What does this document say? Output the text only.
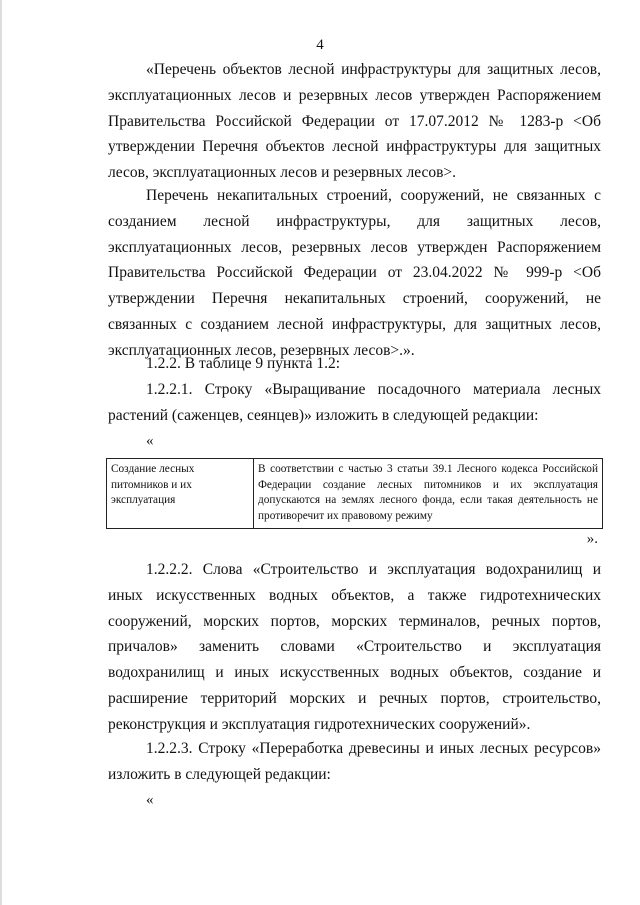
4

«Перечень объектов лесной инфраструктуры для защитных лесов, эксплуатационных лесов и резервных лесов утвержден Распоряжением Правительства Российской Федерации от 17.07.2012 № 1283-р <Об утверждении Перечня объектов лесной инфраструктуры для защитных лесов, эксплуатационных лесов и резервных лесов>.

Перечень некапитальных строений, сооружений, не связанных с созданием лесной инфраструктуры, для защитных лесов, эксплуатационных лесов, резервных лесов утвержден Распоряжением Правительства Российской Федерации от 23.04.2022 № 999-р <Об утверждении Перечня некапитальных строений, сооружений, не связанных с созданием лесной инфраструктуры, для защитных лесов, эксплуатационных лесов, резервных лесов>.».

1.2.2. В таблице 9 пункта 1.2:

1.2.2.1. Строку «Выращивание посадочного материала лесных растений (саженцев, сеянцев)» изложить в следующей редакции:

«
Создание лесных питомников и их эксплуатация	В соответствии с частью 3 статьи 39.1 Лесного кодекса Российской Федерации создание лесных питомников и их эксплуатация допускаются на землях лесного фонда, если такая деятельность не противоречит их правовому режиму
».

1.2.2.2. Слова «Строительство и эксплуатация водохранилищ и иных искусственных водных объектов, а также гидротехнических сооружений, морских портов, морских терминалов, речных портов, причалов» заменить словами «Строительство и эксплуатация водохранилищ и иных искусственных водных объектов, создание и расширение территорий морских и речных портов, строительство, реконструкция и эксплуатация гидротехнических сооружений».

1.2.2.3. Строку «Переработка древесины и иных лесных ресурсов» изложить в следующей редакции:

«
